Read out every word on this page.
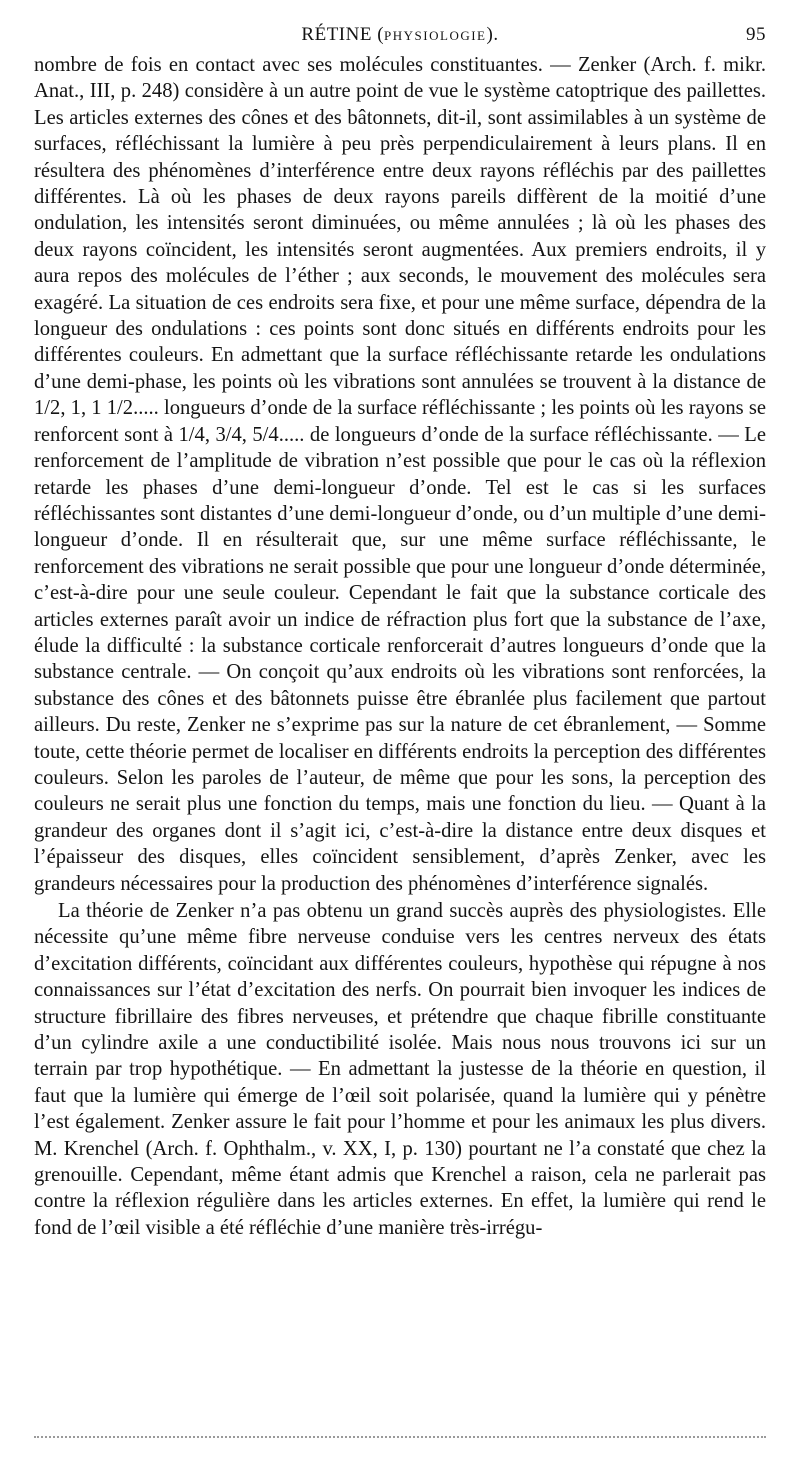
RÉTINE (PHYSIOLOGIE).	95

nombre de fois en contact avec ses molécules constituantes. — Zenker (Arch. f. mikr. Anat., III, p. 248) considère à un autre point de vue le système catoptrique des paillettes. Les articles externes des cônes et des bâtonnets, dit-il, sont assimilables à un système de surfaces, réfléchissant la lumière à peu près perpendiculairement à leurs plans. Il en résultera des phénomènes d’interférence entre deux rayons réfléchis par des paillettes différentes. Là où les phases de deux rayons pareils diffèrent de la moitié d’une ondulation, les intensités seront diminuées, ou même annulées ; là où les phases des deux rayons coïncident, les intensités seront augmentées. Aux premiers endroits, il y aura repos des molécules de l’éther ; aux seconds, le mouvement des molécules sera exagéré. La situation de ces endroits sera fixe, et pour une même surface, dépendra de la longueur des ondulations : ces points sont donc situés en différents endroits pour les différentes couleurs. En admettant que la surface réfléchissante retarde les ondulations d’une demi-phase, les points où les vibrations sont annulées se trouvent à la distance de 1/2, 1, 1 1/2..... longueurs d’onde de la surface réfléchissante ; les points où les rayons se renforcent sont à 1/4, 3/4, 5/4..... de longueurs d’onde de la surface réfléchissante. — Le renforcement de l’amplitude de vibration n’est possible que pour le cas où la réflexion retarde les phases d’une demi-longueur d’onde. Tel est le cas si les surfaces réfléchissantes sont distantes d’une demi-longueur d’onde, ou d’un multiple d’une demi-longueur d’onde. Il en résulterait que, sur une même surface réfléchissante, le renforcement des vibrations ne serait possible que pour une longueur d’onde déterminée, c’est-à-dire pour une seule couleur. Cependant le fait que la substance corticale des articles externes paraît avoir un indice de réfraction plus fort que la substance de l’axe, élude la difficulté : la substance corticale renforcerait d’autres longueurs d’onde que la substance centrale. — On conçoit qu’aux endroits où les vibrations sont renforcées, la substance des cônes et des bâtonnets puisse être ébranlée plus facilement que partout ailleurs. Du reste, Zenker ne s’exprime pas sur la nature de cet ébranlement, — Somme toute, cette théorie permet de localiser en différents endroits la perception des différentes couleurs. Selon les paroles de l’auteur, de même que pour les sons, la perception des couleurs ne serait plus une fonction du temps, mais une fonction du lieu. — Quant à la grandeur des organes dont il s’agit ici, c’est-à-dire la distance entre deux disques et l’épaisseur des disques, elles coïncident sensiblement, d’après Zenker, avec les grandeurs nécessaires pour la production des phénomènes d’interférence signalés.

La théorie de Zenker n’a pas obtenu un grand succès auprès des physiologistes. Elle nécessite qu’une même fibre nerveuse conduise vers les centres nerveux des états d’excitation différents, coïncidant aux différentes couleurs, hypothèse qui répugne à nos connaissances sur l’état d’excitation des nerfs. On pourrait bien invoquer les indices de structure fibrillaire des fibres nerveuses, et prétendre que chaque fibrille constituante d’un cylindre axile a une conductibilité isolée. Mais nous nous trouvons ici sur un terrain par trop hypothétique. — En admettant la justesse de la théorie en question, il faut que la lumière qui émerge de l’œil soit polarisée, quand la lumière qui y pénètre l’est également. Zenker assure le fait pour l’homme et pour les animaux les plus divers. M. Krenchel (Arch. f. Ophthalm., v. XX, I, p. 130) pourtant ne l’a constaté que chez la grenouille. Cependant, même étant admis que Krenchel a raison, cela ne parlerait pas contre la réflexion régulière dans les articles externes. En effet, la lumière qui rend le fond de l’œil visible a été réfléchie d’une manière très-irrégu-
